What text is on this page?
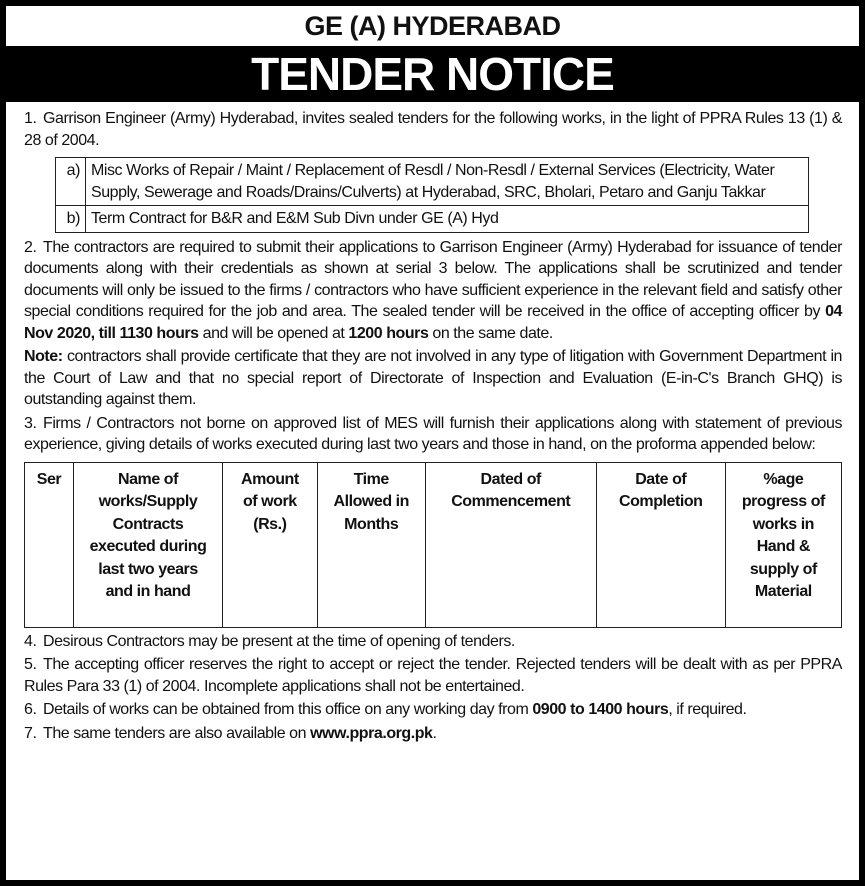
GE (A) HYDERABAD
TENDER NOTICE

1. Garrison Engineer (Army) Hyderabad, invites sealed tenders for the following works, in the light of PPRA Rules 13 (1) & 28 of 2004.

a)	Misc Works of Repair / Maint / Replacement of Resdl / Non-Resdl / External Services (Electricity, Water Supply, Sewerage and Roads/Drains/Culverts) at Hyderabad, SRC, Bholari, Petaro and Ganju Takkar
b)	Term Contract for B&R and E&M Sub Divn under GE (A) Hyd

2. The contractors are required to submit their applications to Garrison Engineer (Army) Hyderabad for issuance of tender documents along with their credentials as shown at serial 3 below. The applications shall be scrutinized and tender documents will only be issued to the firms / contractors who have sufficient experience in the relevant field and satisfy other special conditions required for the job and area. The sealed tender will be received in the office of accepting officer by 04 Nov 2020, till 1130 hours and will be opened at 1200 hours on the same date.

Note: contractors shall provide certificate that they are not involved in any type of litigation with Government Department in the Court of Law and that no special report of Directorate of Inspection and Evaluation (E-in-C's Branch GHQ) is outstanding against them.

3. Firms / Contractors not borne on approved list of MES will furnish their applications along with statement of previous experience, giving details of works executed during last two years and those in hand, on the proforma appended below:

Ser	Name of works/Supply Contracts executed during last two years and in hand	Amount of work (Rs.)	Time Allowed in Months	Dated of Commencement	Date of Completion	%age progress of works in Hand & supply of Material

4. Desirous Contractors may be present at the time of opening of tenders.

5. The accepting officer reserves the right to accept or reject the tender. Rejected tenders will be dealt with as per PPRA Rules Para 33 (1) of 2004. Incomplete applications shall not be entertained.

6. Details of works can be obtained from this office on any working day from 0900 to 1400 hours, if required.

7. The same tenders are also available on www.ppra.org.pk.
